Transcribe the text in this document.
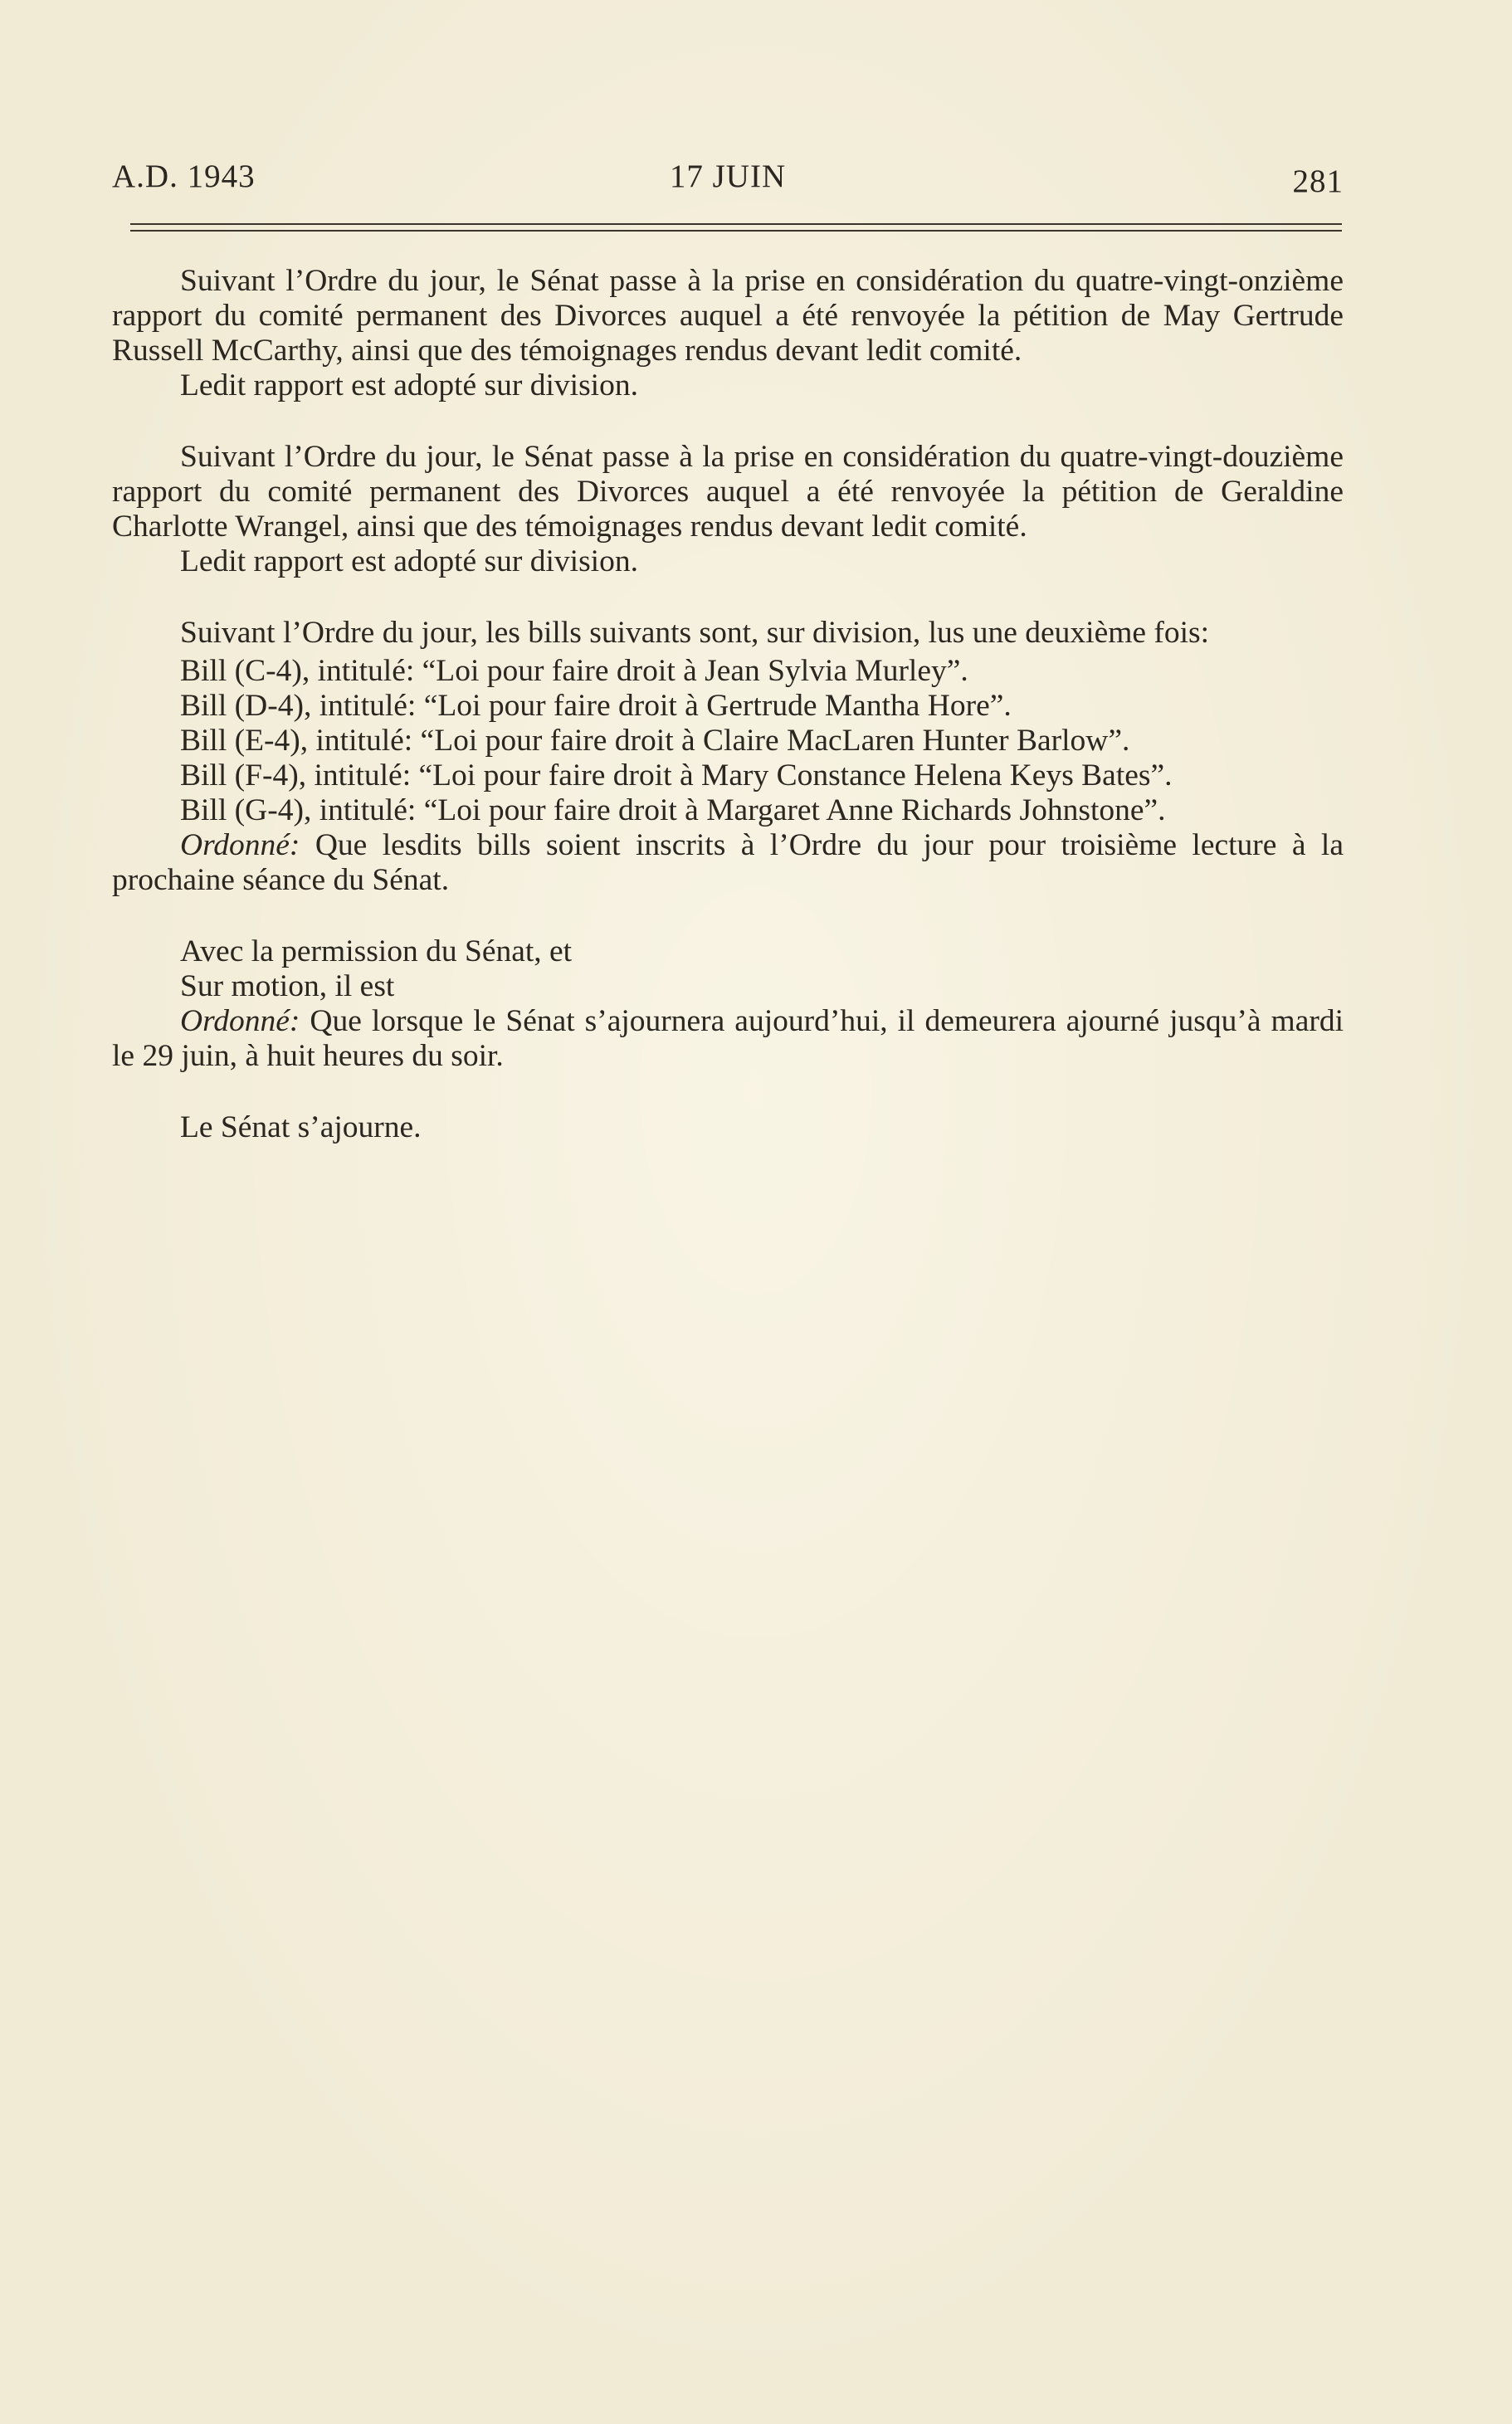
A.D. 1943	17 JUIN	281

Suivant l’Ordre du jour, le Sénat passe à la prise en considération du quatre-vingt-onzième rapport du comité permanent des Divorces auquel a été renvoyée la pétition de May Gertrude Russell McCarthy, ainsi que des témoignages rendus devant ledit comité.

Ledit rapport est adopté sur division.

Suivant l’Ordre du jour, le Sénat passe à la prise en considération du quatre-vingt-douzième rapport du comité permanent des Divorces auquel a été renvoyée la pétition de Geraldine Charlotte Wrangel, ainsi que des témoignages rendus devant ledit comité.

Ledit rapport est adopté sur division.

Suivant l’Ordre du jour, les bills suivants sont, sur division, lus une deuxième fois:

Bill (C-4), intitulé: “Loi pour faire droit à Jean Sylvia Murley”.

Bill (D-4), intitulé: “Loi pour faire droit à Gertrude Mantha Hore”.

Bill (E-4), intitulé: “Loi pour faire droit à Claire MacLaren Hunter Barlow”.

Bill (F-4), intitulé: “Loi pour faire droit à Mary Constance Helena Keys Bates”.

Bill (G-4), intitulé: “Loi pour faire droit à Margaret Anne Richards Johnstone”.

Ordonné: Que lesdits bills soient inscrits à l’Ordre du jour pour troisième lecture à la prochaine séance du Sénat.

Avec la permission du Sénat, et

Sur motion, il est

Ordonné: Que lorsque le Sénat s’ajournera aujourd’hui, il demeurera ajourné jusqu’à mardi le 29 juin, à huit heures du soir.

Le Sénat s’ajourne.
